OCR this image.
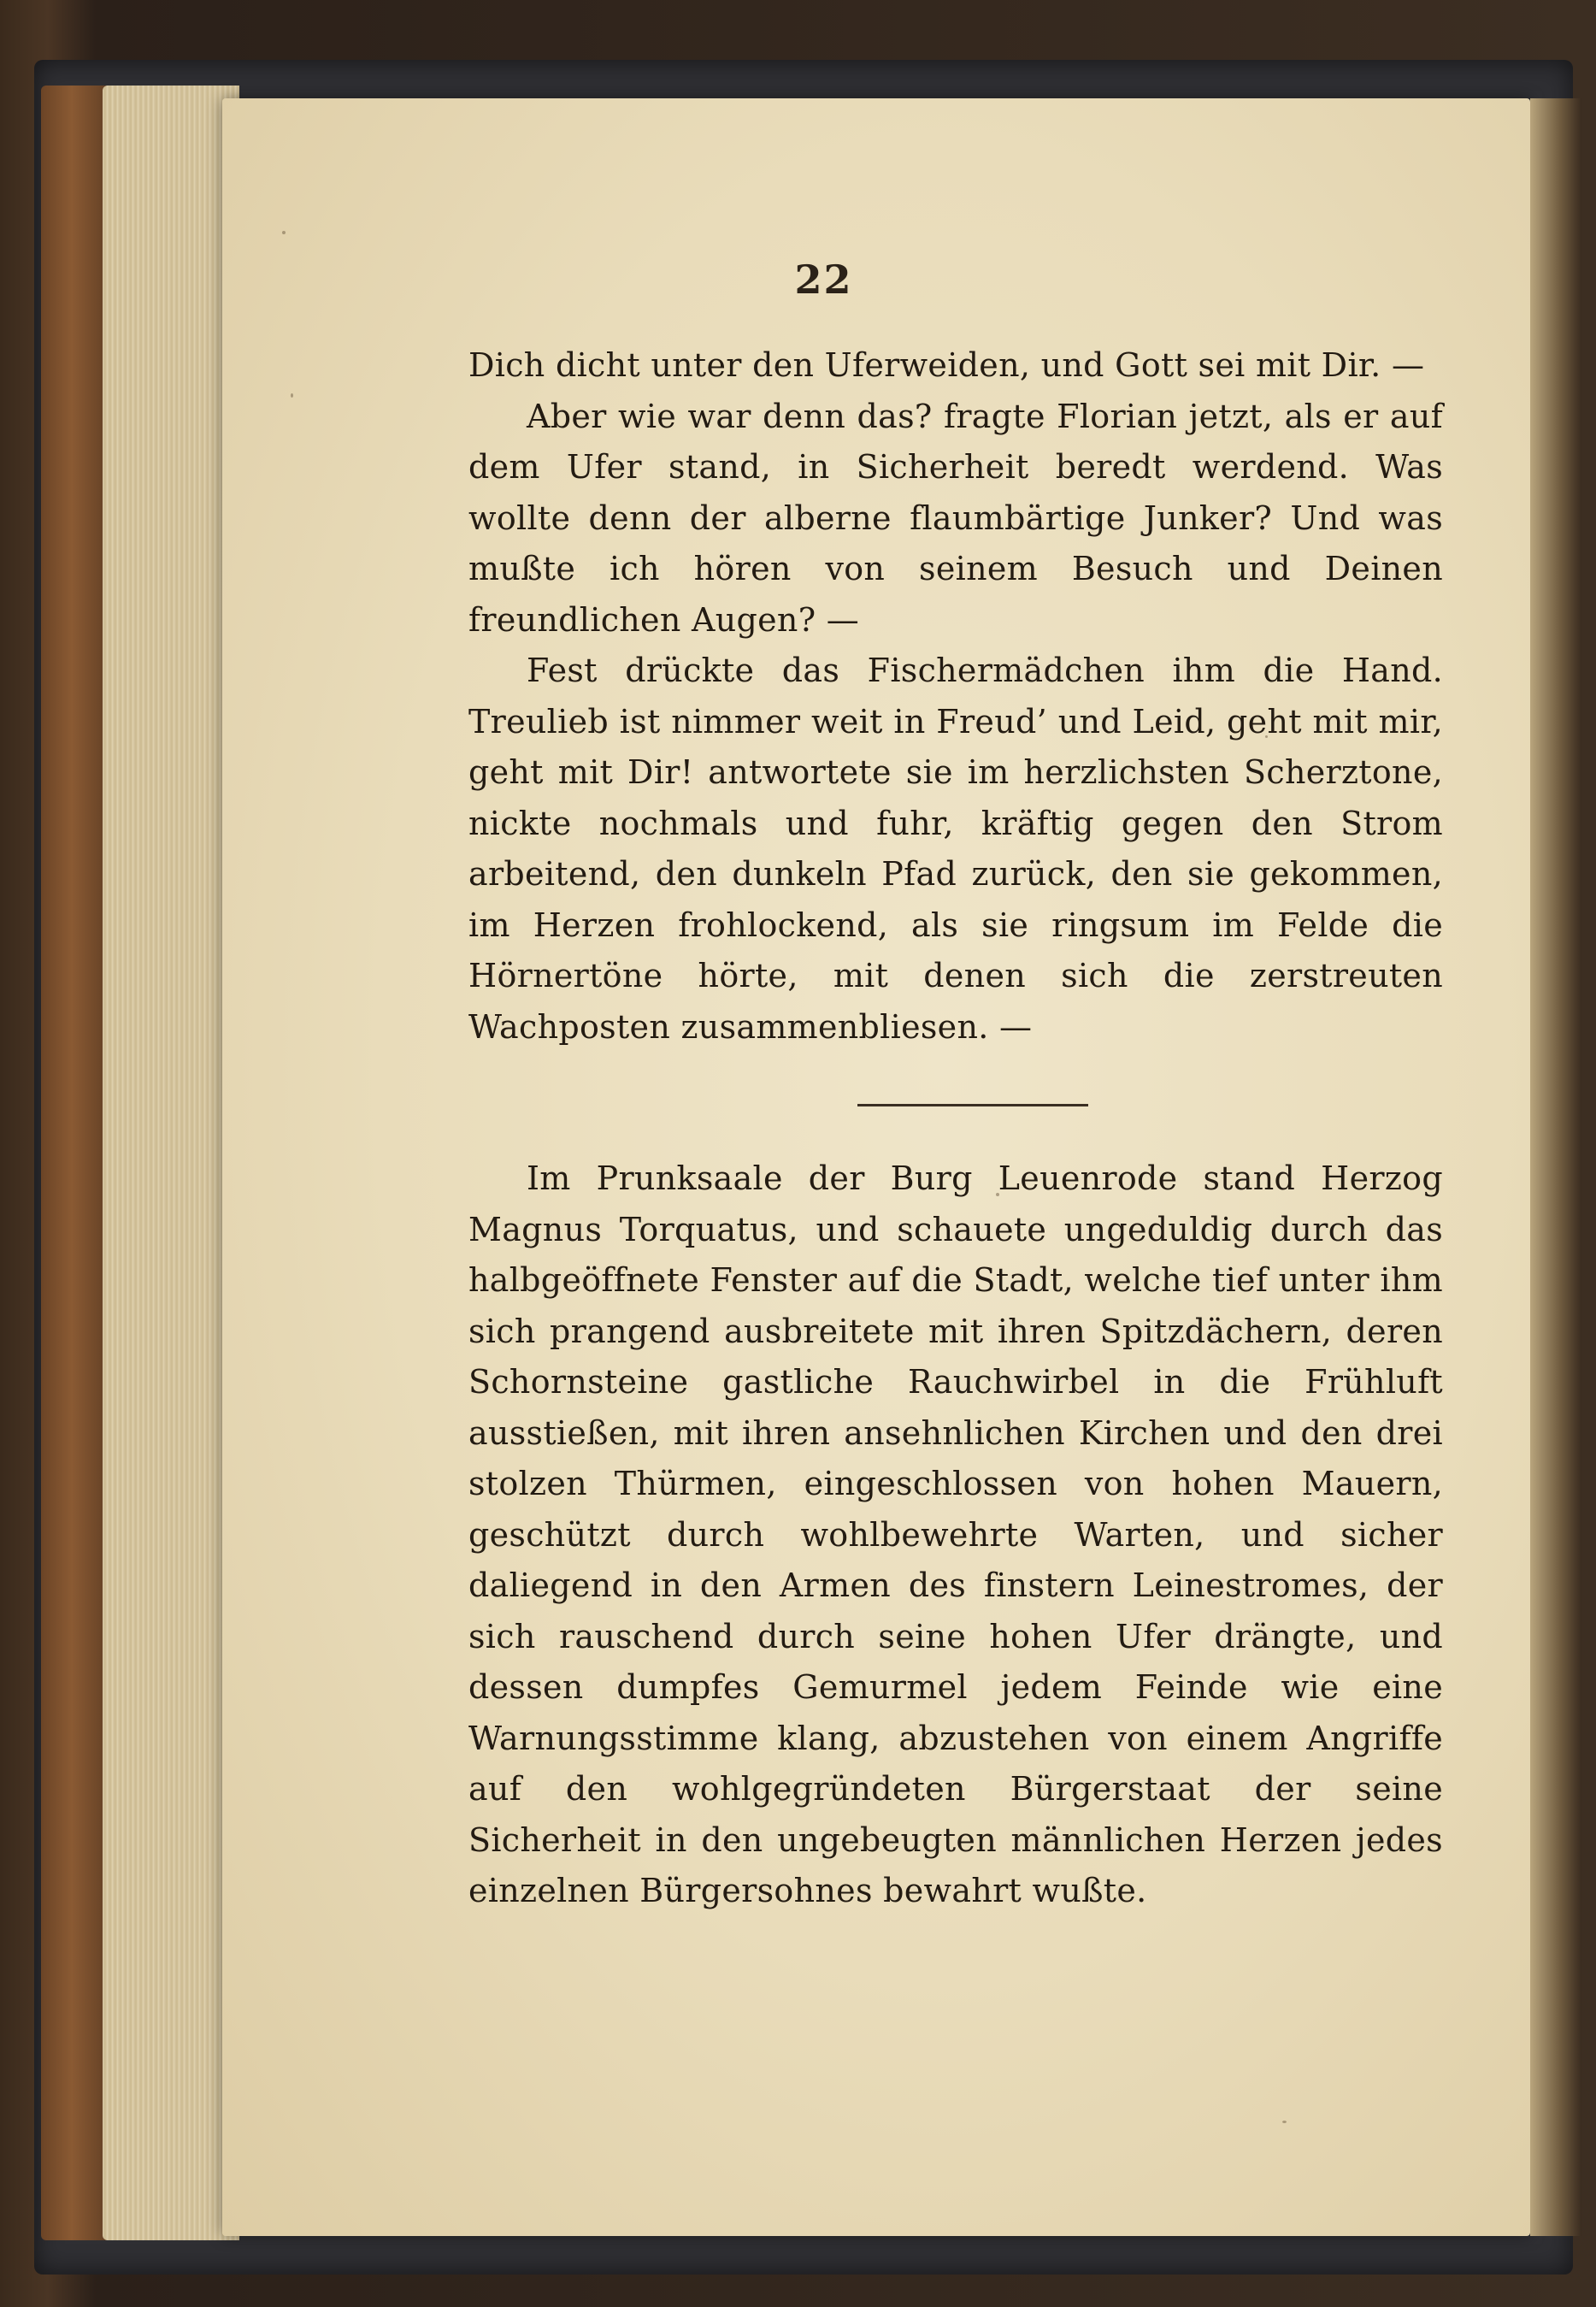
22

Dich dicht unter den Uferweiden, und Gott sei mit Dir. —

Aber wie war denn das? fragte Florian jetzt, als er auf dem Ufer stand, in Sicherheit beredt werdend. Was wollte denn der alberne flaumbärtige Junker? Und was mußte ich hören von seinem Besuch und Deinen freundlichen Augen? —

Fest drückte das Fischermädchen ihm die Hand. Treulieb ist nimmer weit in Freud’ und Leid, geht mit mir, geht mit Dir! antwortete sie im herzlichsten Scherztone, nickte nochmals und fuhr, kräftig gegen den Strom arbeitend, den dunkeln Pfad zurück, den sie gekommen, im Herzen frohlockend, als sie ringsum im Felde die Hörnertöne hörte, mit denen sich die zerstreuten Wachposten zusammenbliesen. —

Im Prunksaale der Burg Leuenrode stand Herzog Magnus Torquatus, und schauete ungeduldig durch das halbgeöffnete Fenster auf die Stadt, welche tief unter ihm sich prangend ausbreitete mit ihren Spitzdächern, deren Schornsteine gastliche Rauchwirbel in die Frühluft ausstießen, mit ihren ansehnlichen Kirchen und den drei stolzen Thürmen, eingeschlossen von hohen Mauern, geschützt durch wohlbewehrte Warten, und sicher daliegend in den Armen des finstern Leinestromes, der sich rauschend durch seine hohen Ufer drängte, und dessen dumpfes Gemurmel jedem Feinde wie eine Warnungsstimme klang, abzustehen von einem Angriffe auf den wohlgegründeten Bürgerstaat der seine Sicherheit in den ungebeugten männlichen Herzen jedes einzelnen Bürgersohnes bewahrt wußte.
